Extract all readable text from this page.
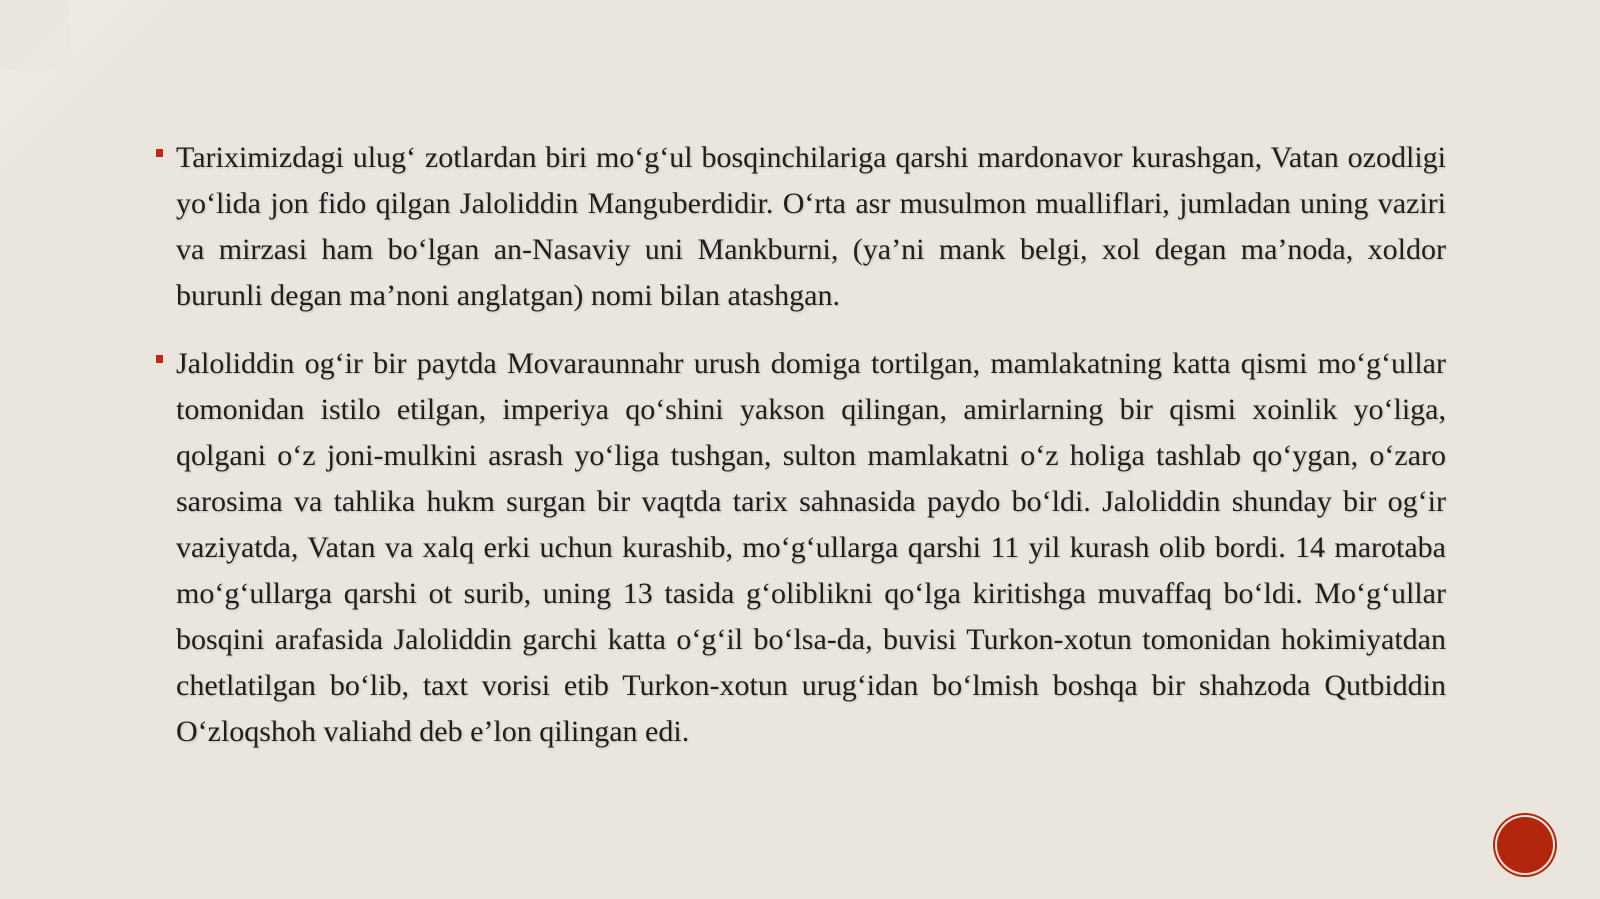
Tariximizdagi ulug‘ zotlardan biri mo‘g‘ul bosqinchilariga qarshi mardonavor kurashgan, Vatan ozodligi yo‘lida jon fido qilgan Jaloliddin Manguberdidir. O‘rta asr musulmon mualliflari, jumladan uning vaziri va mirzasi ham bo‘lgan an-Nasaviy uni Mankburni, (ya’ni mank belgi, xol degan ma’noda, xoldor burunli degan ma’noni anglatgan) nomi bilan atashgan.

Jaloliddin og‘ir bir paytda Movaraunnahr urush domiga tortilgan, mamlakatning katta qismi mo‘g‘ullar tomonidan istilo etilgan, imperiya qo‘shini yakson qilingan, amirlarning bir qismi xoinlik yo‘liga, qolgani o‘z joni-mulkini asrash yo‘liga tushgan, sulton mamlakatni o‘z holiga tashlab qo‘ygan, o‘zaro sarosima va tahlika hukm surgan bir vaqtda tarix sahnasida paydo bo‘ldi. Jaloliddin shunday bir og‘ir vaziyatda, Vatan va xalq erki uchun kurashib, mo‘g‘ullarga qarshi 11 yil kurash olib bordi. 14 marotaba mo‘g‘ullarga qarshi ot surib, uning 13 tasida g‘oliblikni qo‘lga kiritishga muvaffaq bo‘ldi. Mo‘g‘ullar bosqini arafasida Jaloliddin garchi katta o‘g‘il bo‘lsa-da, buvisi Turkon-xotun tomonidan hokimiyatdan chetlatilgan bo‘lib, taxt vorisi etib Turkon-xotun urug‘idan bo‘lmish boshqa bir shahzoda Qutbiddin O‘zloqshoh valiahd deb e’lon qilingan edi.
